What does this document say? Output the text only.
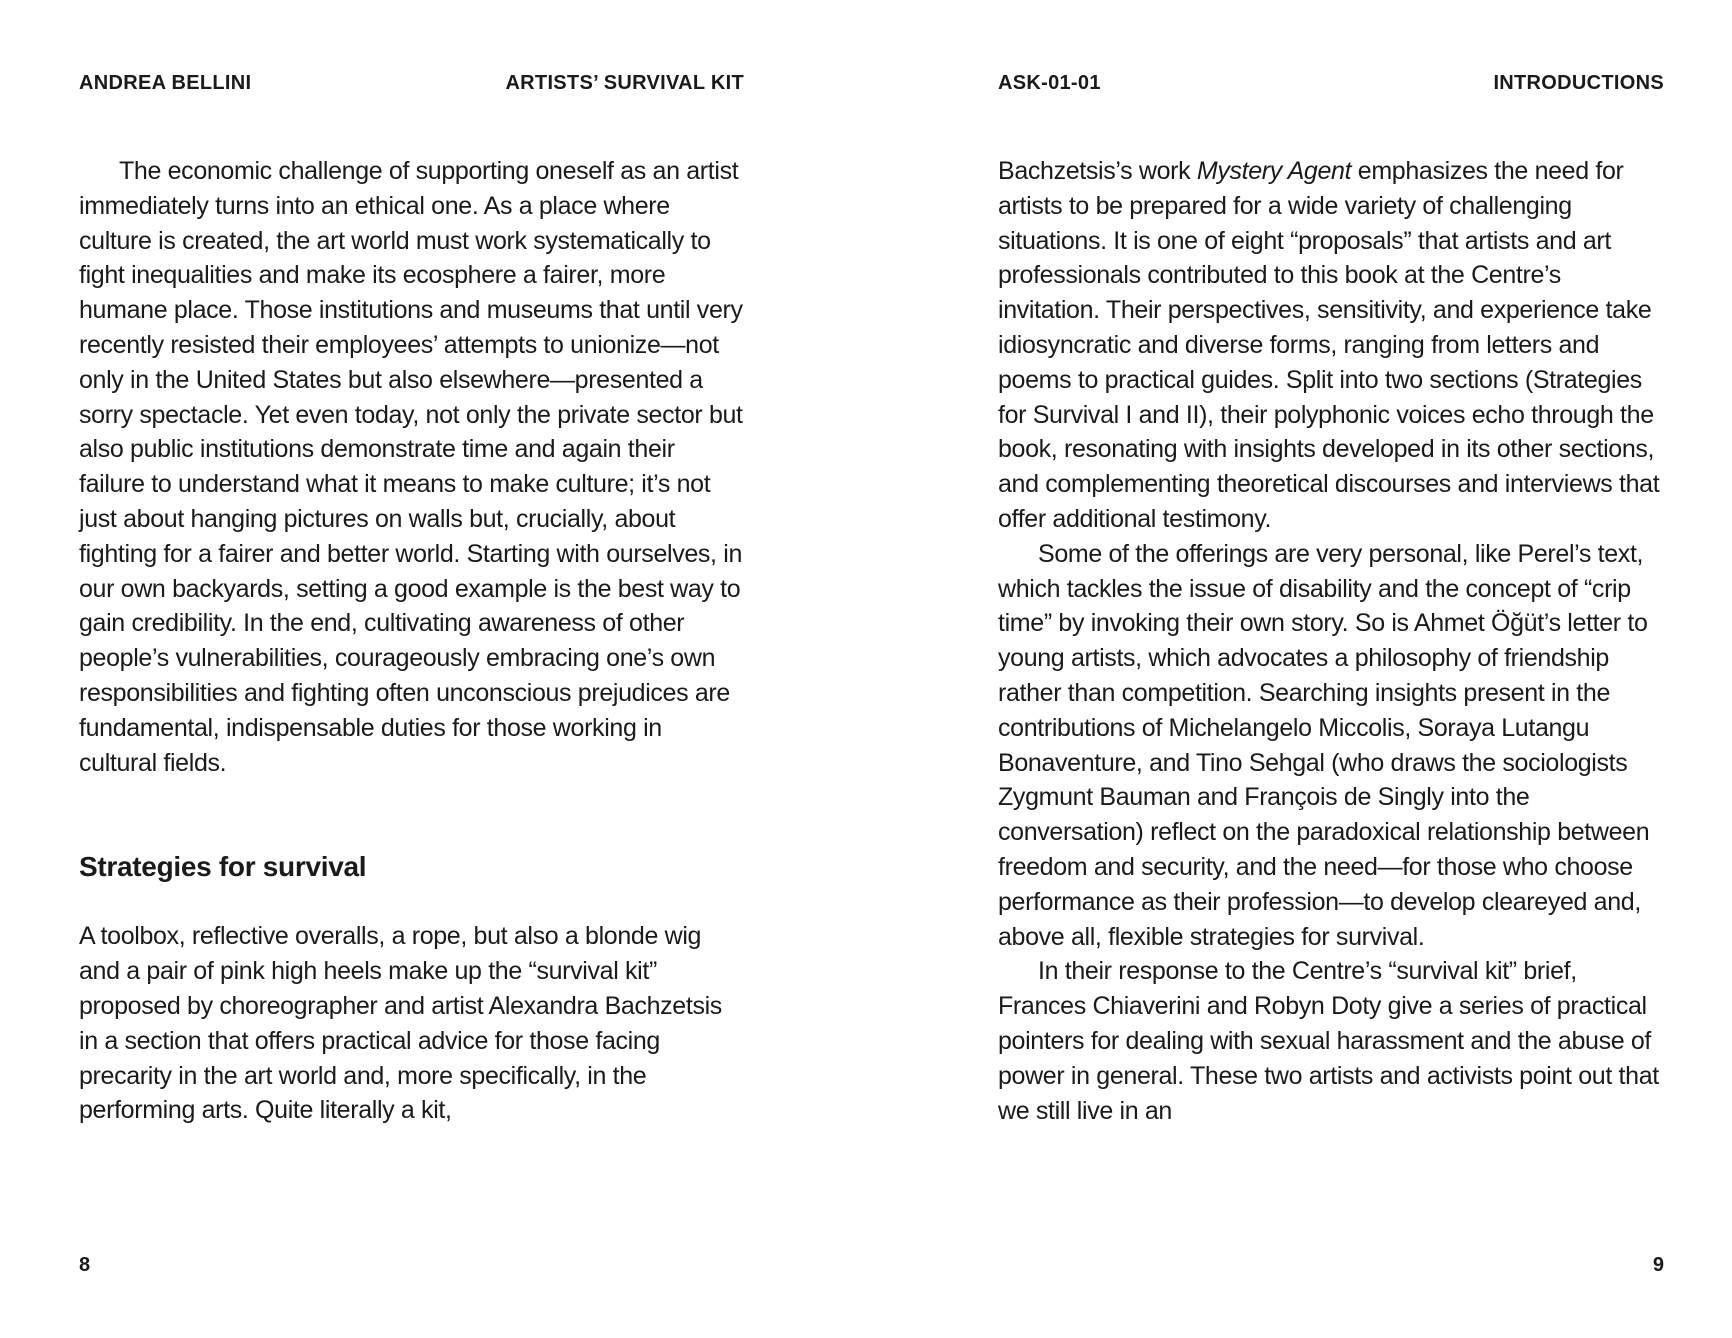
ANDREA BELLINI	ARTISTS’ SURVIVAL KIT

The economic challenge of supporting oneself as an artist immediately turns into an ethical one. As a place where culture is created, the art world must work systematically to fight inequalities and make its ecosphere a fairer, more humane place. Those institutions and museums that until very recently resisted their employees’ attempts to unionize—not only in the United States but also elsewhere—presented a sorry spectacle. Yet even today, not only the private sector but also public institutions demonstrate time and again their failure to understand what it means to make culture; it’s not just about hanging pictures on walls but, crucially, about fighting for a fairer and better world. Starting with ourselves, in our own backyards, setting a good example is the best way to gain credibility. In the end, cultivating awareness of other people’s vulnerabilities, courageously embracing one’s own responsibilities and fighting often unconscious prejudices are fundamental, indispensable duties for those working in cultural fields.

Strategies for survival

A toolbox, reflective overalls, a rope, but also a blonde wig and a pair of pink high heels make up the “survival kit” proposed by choreographer and artist Alexandra Bachzetsis in a section that offers practical advice for those facing precarity in the art world and, more specifically, in the performing arts. Quite literally a kit,

8
ASK-01-01	INTRODUCTIONS

Bachzetsis’s work Mystery Agent emphasizes the need for artists to be prepared for a wide variety of challenging situations. It is one of eight “proposals” that artists and art professionals contributed to this book at the Centre’s invitation. Their perspectives, sensitivity, and experience take idiosyncratic and diverse forms, ranging from letters and poems to practical guides. Split into two sections (Strategies for Survival I and II), their polyphonic voices echo through the book, resonating with insights developed in its other sections, and complementing theoretical discourses and interviews that offer additional testimony.

Some of the offerings are very personal, like Perel’s text, which tackles the issue of disability and the concept of “crip time” by invoking their own story. So is Ahmet Öğüt’s letter to young artists, which advocates a philosophy of friendship rather than competition. Searching insights present in the contributions of Michelangelo Miccolis, Soraya Lutangu Bonaventure, and Tino Sehgal (who draws the sociologists Zygmunt Bauman and François de Singly into the conversation) reflect on the paradoxical relationship between freedom and security, and the need—for those who choose performance as their profession—to develop cleareyed and, above all, flexible strategies for survival.

In their response to the Centre’s “survival kit” brief, Frances Chiaverini and Robyn Doty give a series of practical pointers for dealing with sexual harassment and the abuse of power in general. These two artists and activists point out that we still live in an

9
